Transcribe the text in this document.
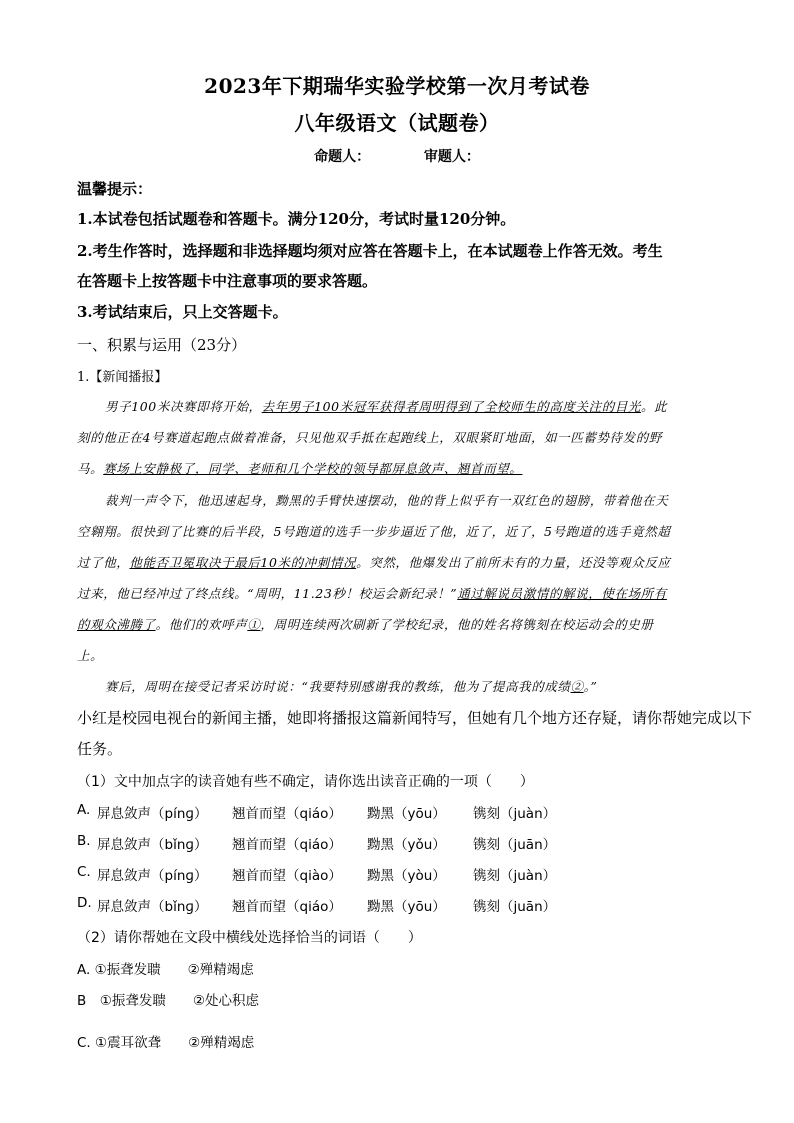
2023年下期瑞华实验学校第一次月考试卷
八年级语文（试题卷）
命题人：	审题人：
温馨提示：
1.本试卷包括试题卷和答题卡。满分120分，考试时量120分钟。
2.考生作答时，选择题和非选择题均须对应答在答题卡上，在本试题卷上作答无效。考生
在答题卡上按答题卡中注意事项的要求答题。
3.考试结束后，只上交答题卡。
一、积累与运用（23分）
1.【新闻播报】
男子100米决赛即将开始，去年男子100米冠军获得者周明得到了全校师生的高度关注的目光。此
刻的他正在4号赛道起跑点做着准备，只见他双手抵在起跑线上，双眼紧盯地面，如一匹蓄势待发的野
马。赛场上安静极了，同学、老师和几个学校的领导都屏息敛声、翘首而望。
裁判一声令下，他迅速起身，黝黑的手臂快速摆动，他的背上似乎有一双红色的翅膀，带着他在天
空翱翔。很快到了比赛的后半段，5号跑道的选手一步步逼近了他，近了，近了，5号跑道的选手竟然超
过了他，他能否卫冕取决于最后10米的冲刺情况。突然，他爆发出了前所未有的力量，还没等观众反应
过来，他已经冲过了终点线。“周明，11.23秒！校运会新纪录！”通过解说员激情的解说，使在场所有
的观众沸腾了。他们的欢呼声①，周明连续两次刷新了学校纪录，他的姓名将镌刻在校运动会的史册
上。
赛后，周明在接受记者采访时说：“我要特别感谢我的教练，他为了提高我的成绩②。”
小红是校园电视台的新闻主播，她即将播报这篇新闻特写，但她有几个地方还存疑，请你帮她完成以下
任务。
（1）文中加点字的读音她有些不确定，请你选出读音正确的一项（　　）
A. 屏息敛声（pínɡ） 翘首而望（qiáo） 黝黑（yōu） 镌刻（juàn）
B. 屏息敛声（bǐnɡ） 翘首而望（qiáo） 黝黑（yǒu） 镌刻（juān）
C. 屏息敛声（pínɡ） 翘首而望（qiào） 黝黑（yòu） 镌刻（juàn）
D. 屏息敛声（bǐnɡ） 翘首而望（qiáo） 黝黑（yōu） 镌刻（juān）
（2）请你帮她在文段中横线处选择恰当的词语（　　）
A. ①振聋发聩　　②殚精竭虑
B　①振聋发聩　　②处心积虑
C. ①震耳欲聋　　②殚精竭虑
